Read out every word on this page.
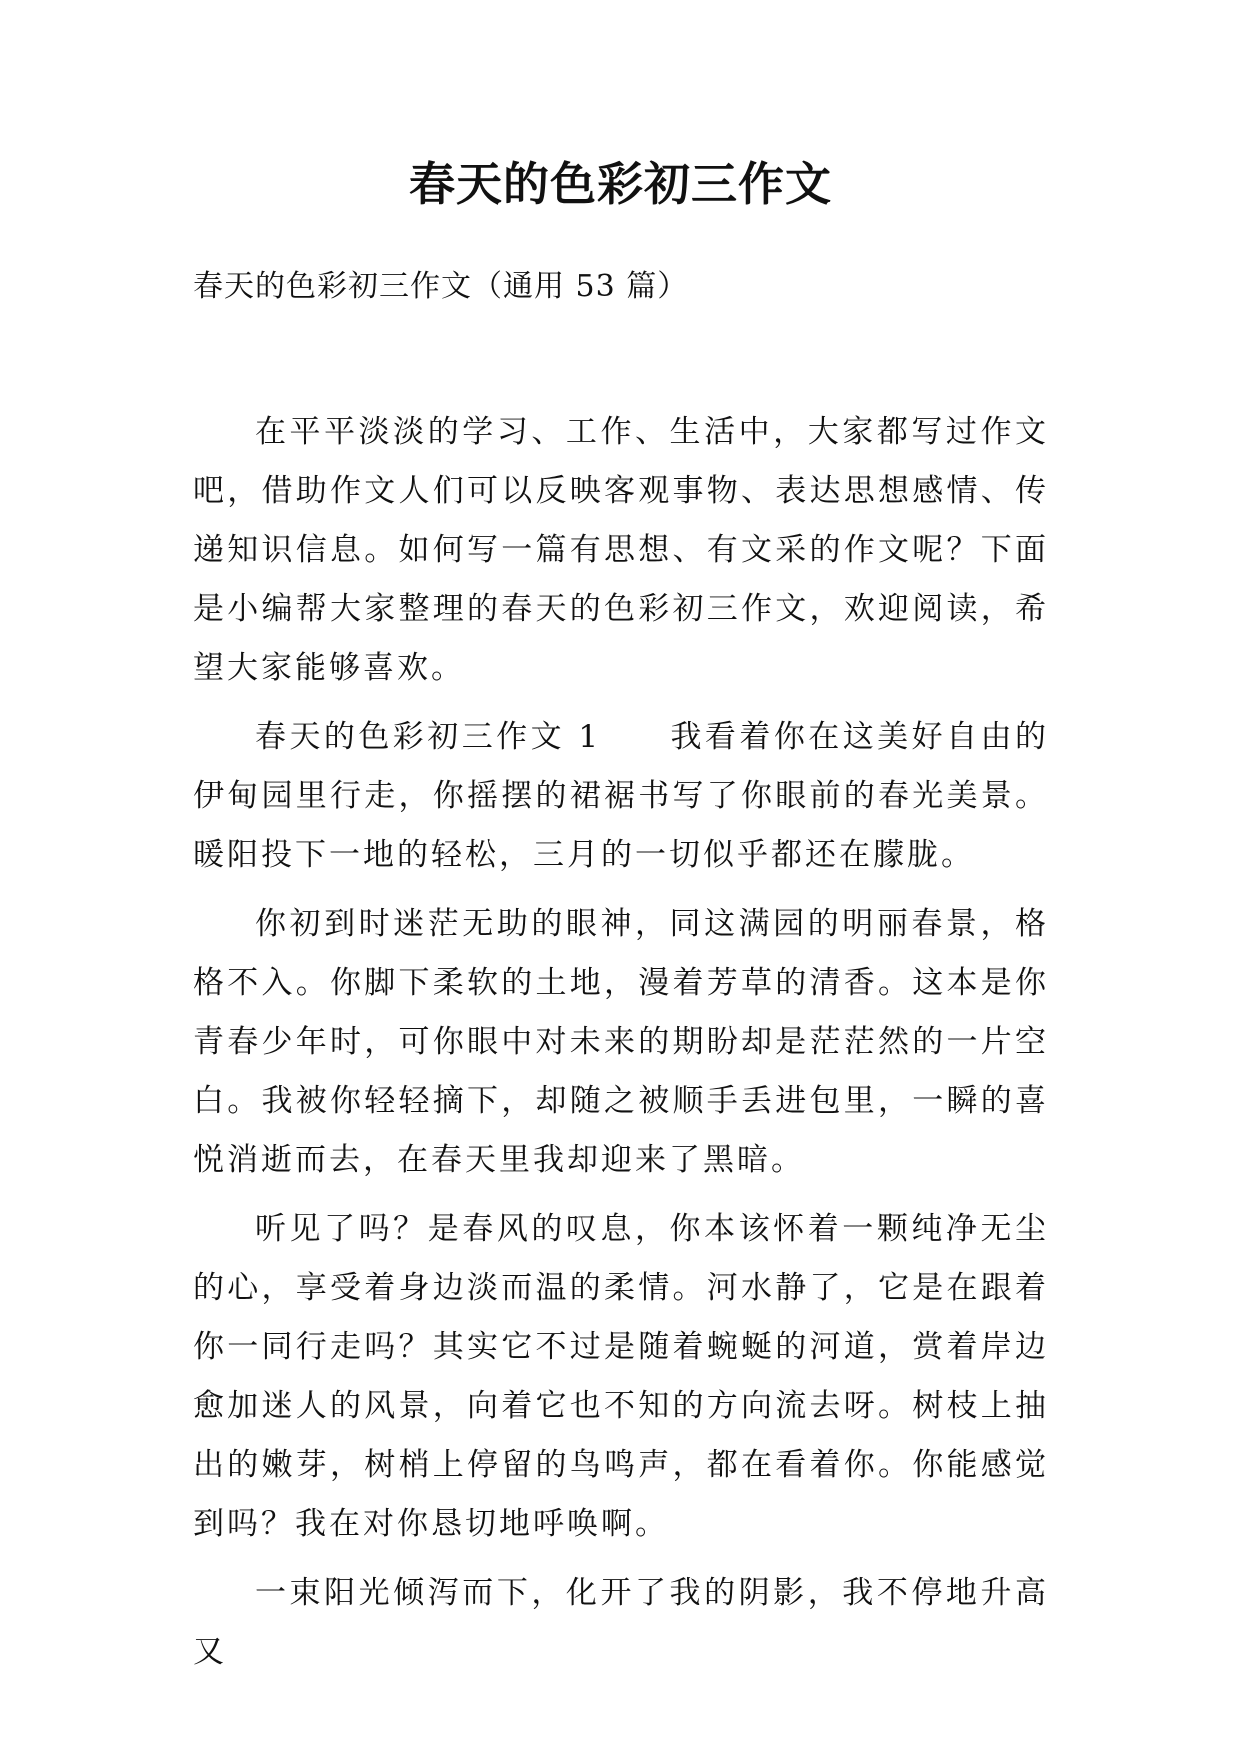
春天的色彩初三作文
春天的色彩初三作文（通用 53 篇）

在平平淡淡的学习、工作、生活中，大家都写过作文吧，借助作文人们可以反映客观事物、表达思想感情、传递知识信息。如何写一篇有思想、有文采的作文呢？下面是小编帮大家整理的春天的色彩初三作文，欢迎阅读，希望大家能够喜欢。

春天的色彩初三作文 1　　我看着你在这美好自由的伊甸园里行走，你摇摆的裙裾书写了你眼前的春光美景。暖阳投下一地的轻松，三月的一切似乎都还在朦胧。

你初到时迷茫无助的眼神，同这满园的明丽春景，格格不入。你脚下柔软的土地，漫着芳草的清香。这本是你青春少年时，可你眼中对未来的期盼却是茫茫然的一片空白。我被你轻轻摘下，却随之被顺手丢进包里，一瞬的喜悦消逝而去，在春天里我却迎来了黑暗。

听见了吗？是春风的叹息，你本该怀着一颗纯净无尘的心，享受着身边淡而温的柔情。河水静了，它是在跟着你一同行走吗？其实它不过是随着蜿蜒的河道，赏着岸边愈加迷人的风景，向着它也不知的方向流去呀。树枝上抽出的嫩芽，树梢上停留的鸟鸣声，都在看着你。你能感觉到吗？我在对你恳切地呼唤啊。

一束阳光倾泻而下，化开了我的阴影，我不停地升高又
